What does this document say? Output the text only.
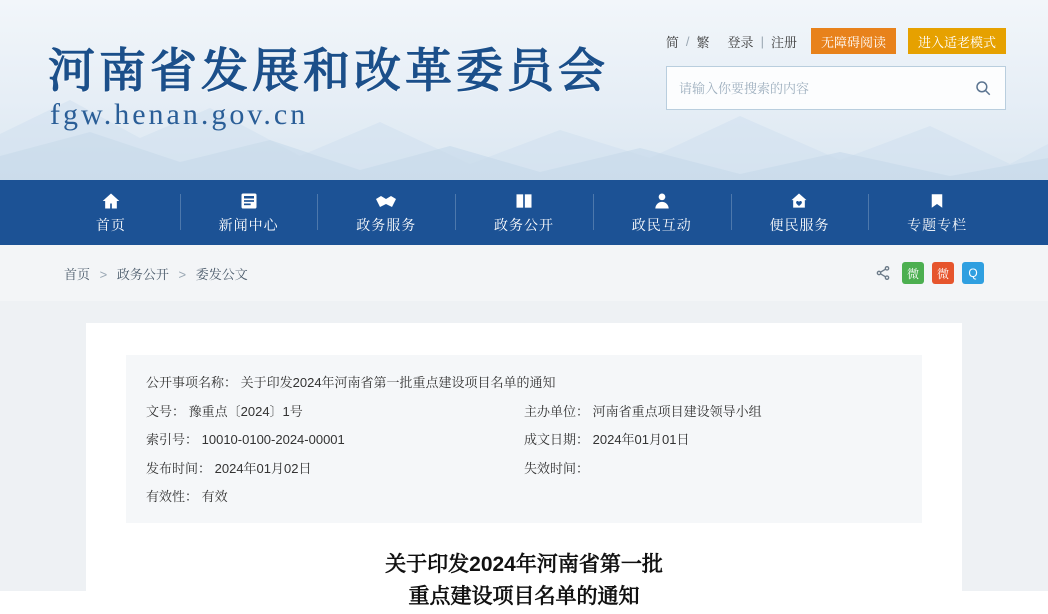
河南省发展和改革委员会
fgw.henan.gov.cn
简 / 繁 登录 | 注册	无障碍阅读	进入适老模式
请输入你要搜索的内容
首页	新闻中心	政务服务	政务公开	政民互动	便民服务	专题专栏
首页 > 政务公开 > 委发公文	微	微	Q
公开事项名称： 关于印发2024年河南省第一批重点建设项目名单的通知
文号： 豫重点〔2024〕1号	主办单位： 河南省重点项目建设领导小组
索引号： 10010-0100-2024-00001	成文日期： 2024年01月01日
发布时间： 2024年01月02日	失效时间：
有效性： 有效
关于印发2024年河南省第一批
重点建设项目名单的通知
